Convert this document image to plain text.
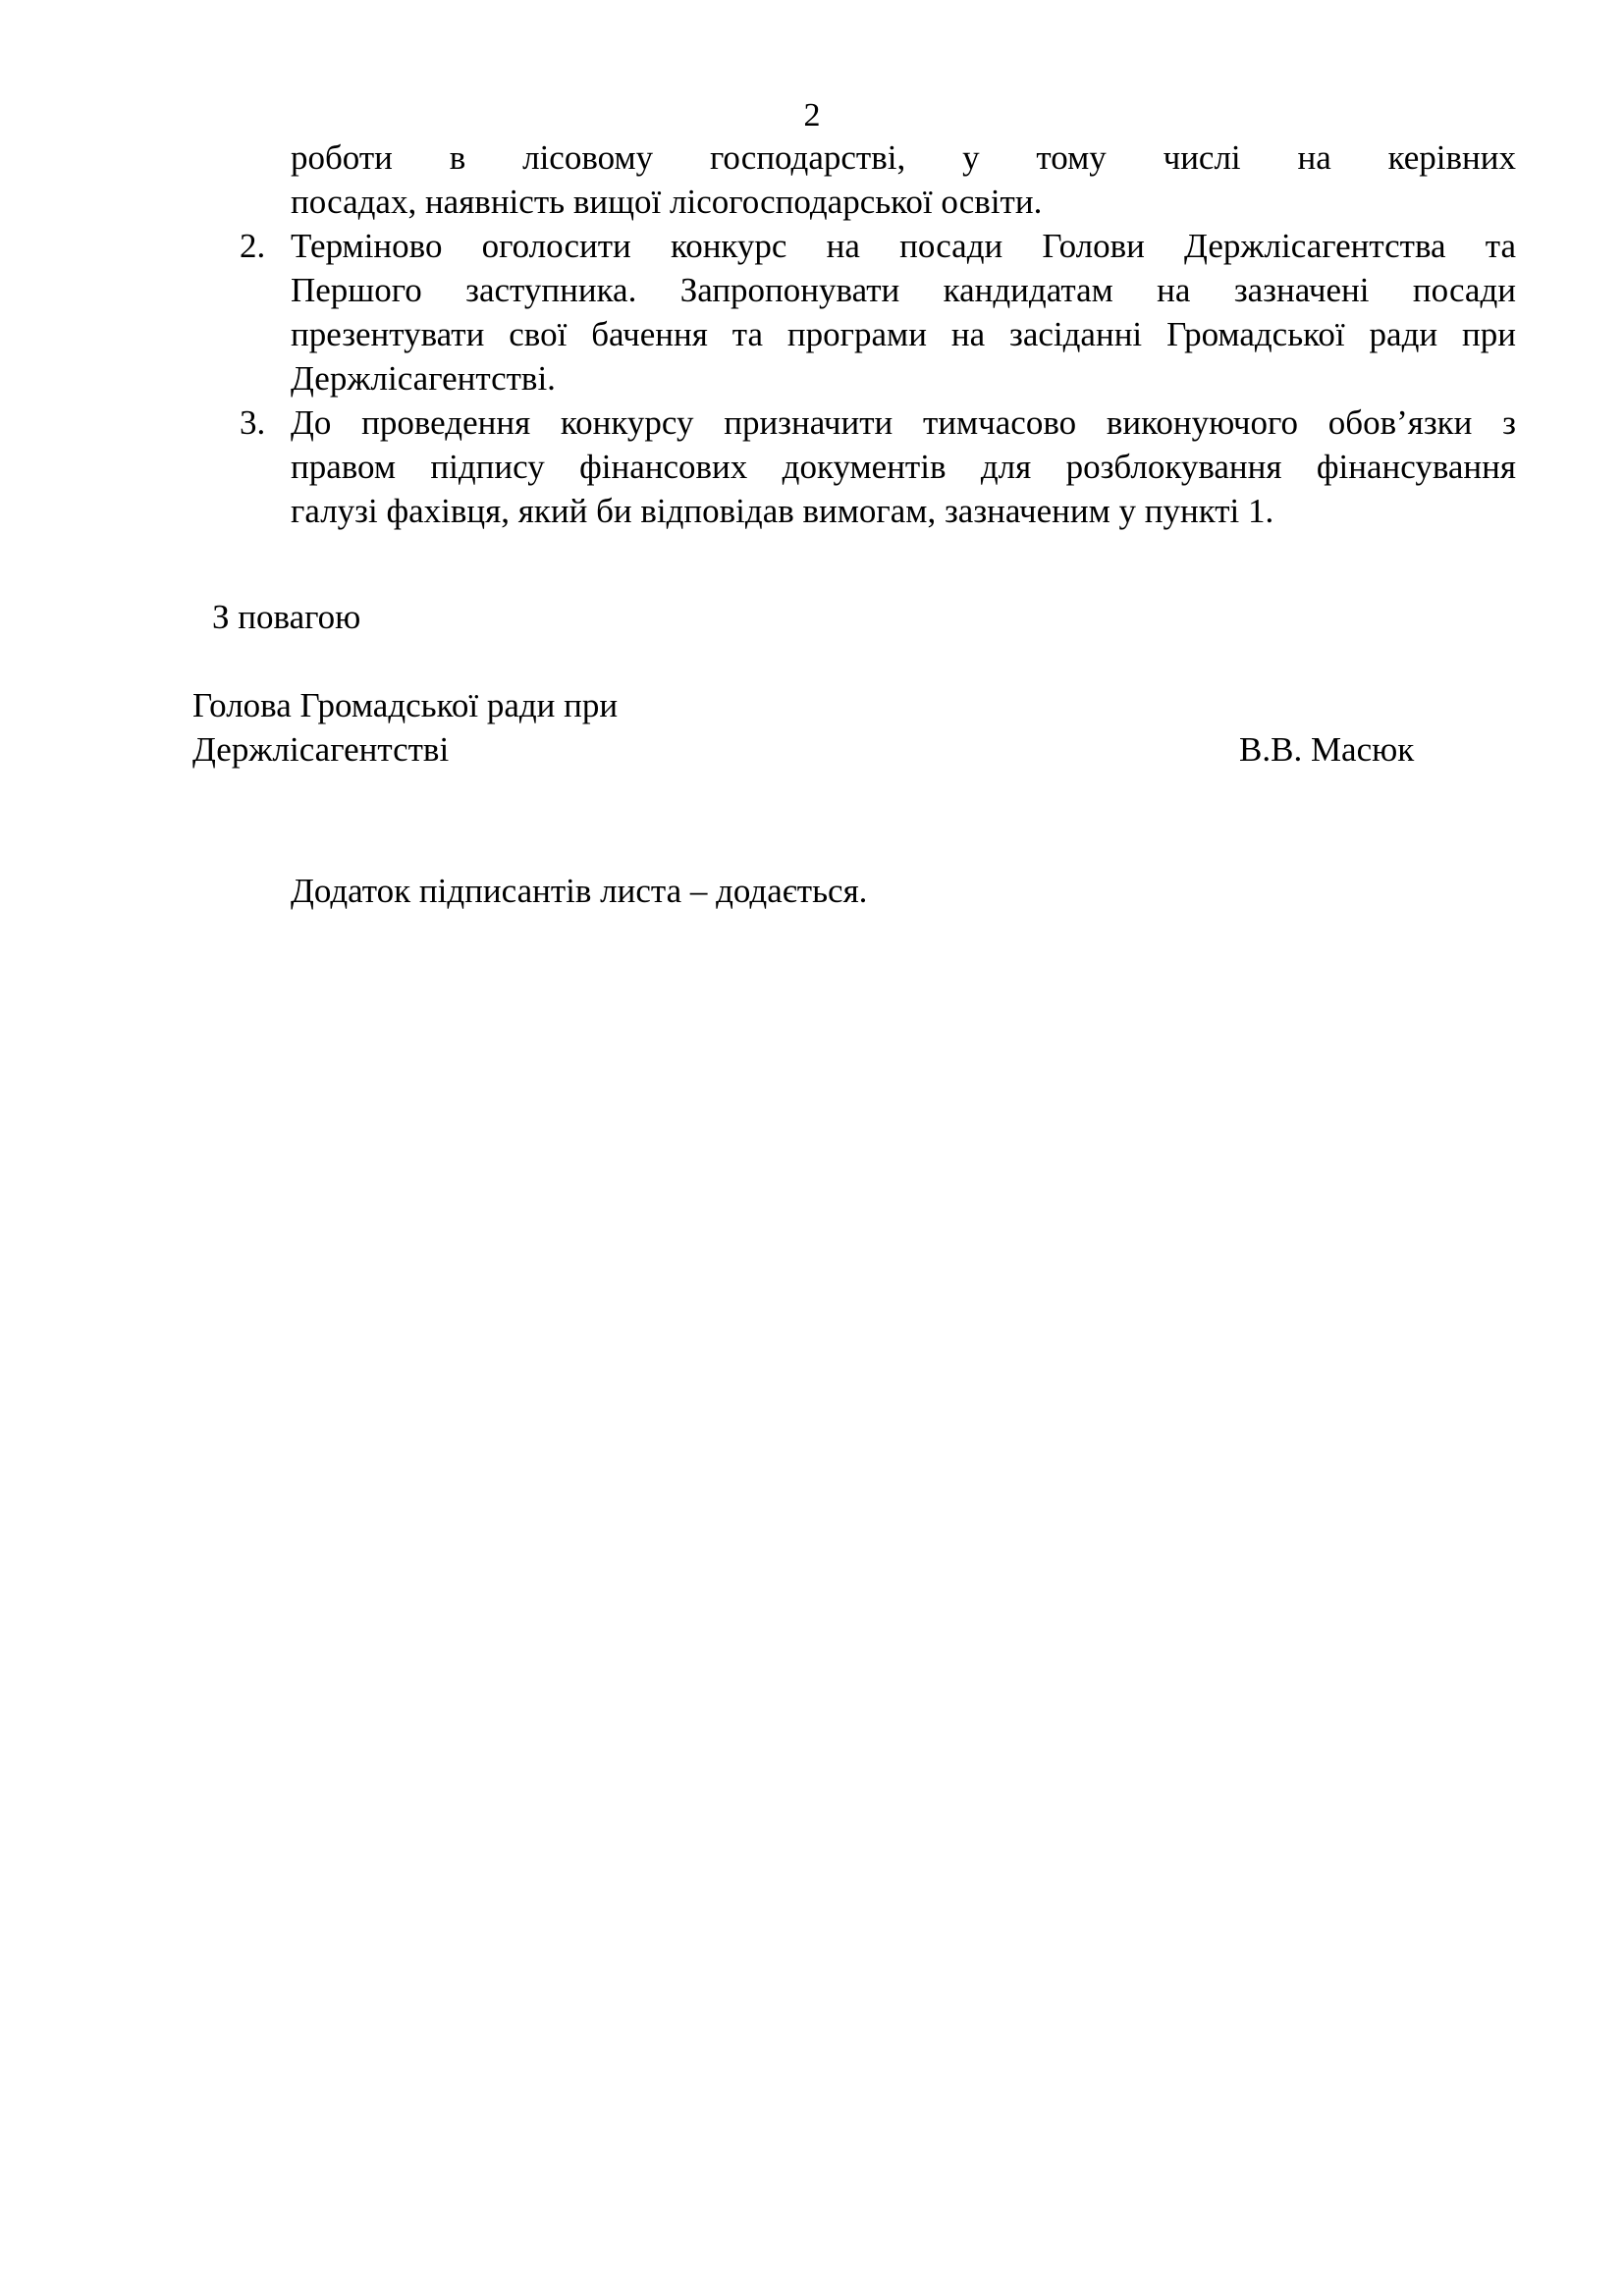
2
роботи в лісовому господарстві, у тому числі на керівних
посадах, наявність вищої лісогосподарської освіти.
2. Терміново оголосити конкурс на посади Голови Держлісагентства та
Першого заступника. Запропонувати кандидатам на зазначені посади
презентувати свої бачення та програми на засіданні Громадської ради при
Держлісагентстві.
3. До проведення конкурсу призначити тимчасово виконуючого обов’язки з
правом підпису фінансових документів для розблокування фінансування
галузі фахівця, який би відповідав вимогам, зазначеним у пункті 1.
З повагою
Голова Громадської ради при
Держлісагентстві	В.В. Масюк
Додаток підписантів листа – додається.
